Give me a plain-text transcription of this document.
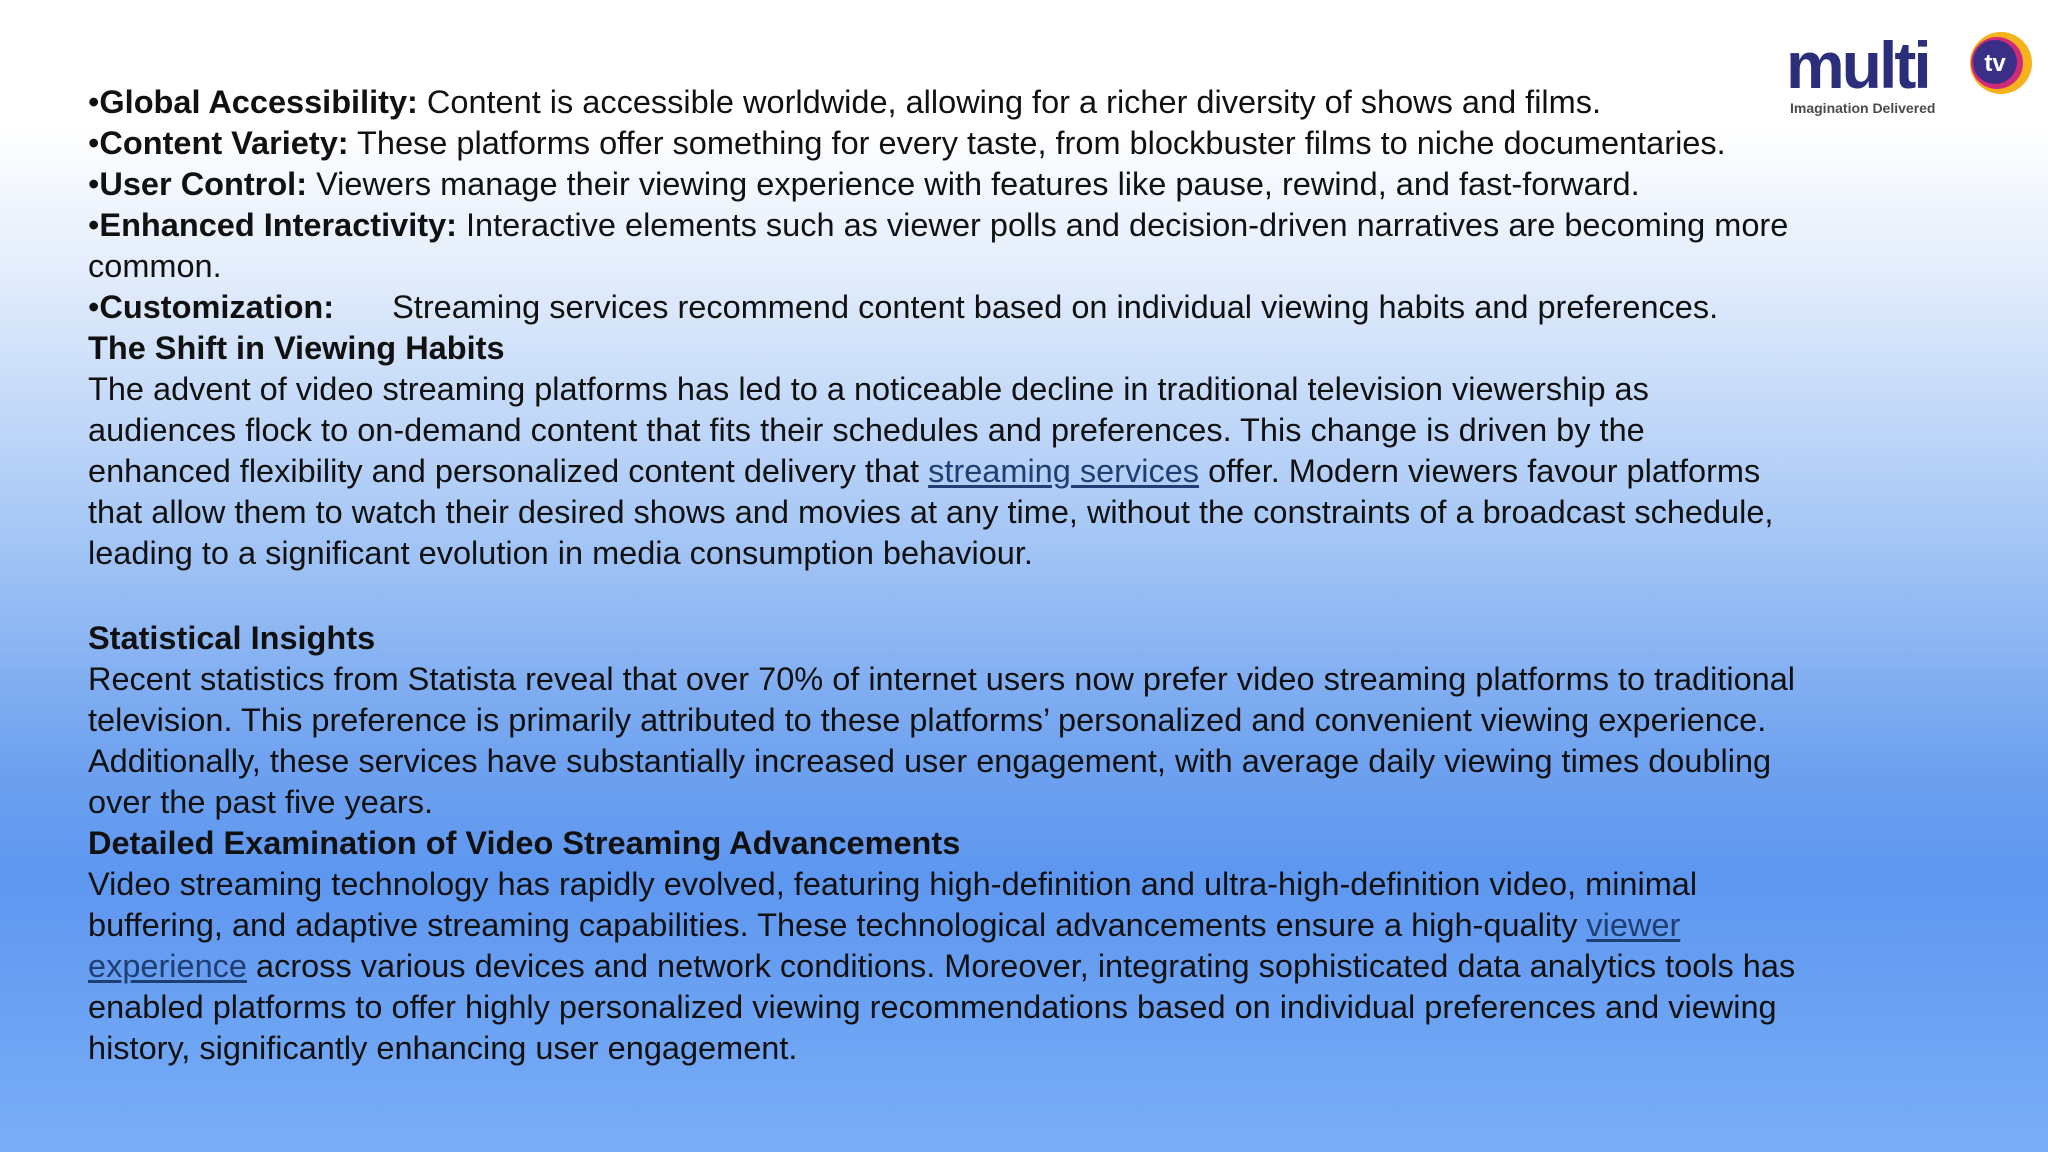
multi tv
Imagination Delivered
•Global Accessibility: Content is accessible worldwide, allowing for a richer diversity of shows and films.
•Content Variety: These platforms offer something for every taste, from blockbuster films to niche documentaries.
•User Control: Viewers manage their viewing experience with features like pause, rewind, and fast-forward.
•Enhanced Interactivity: Interactive elements such as viewer polls and decision-driven narratives are becoming more common.
•Customization: Streaming services recommend content based on individual viewing habits and preferences.
The Shift in Viewing Habits
The advent of video streaming platforms has led to a noticeable decline in traditional television viewership as audiences flock to on-demand content that fits their schedules and preferences. This change is driven by the enhanced flexibility and personalized content delivery that streaming services offer. Modern viewers favour platforms that allow them to watch their desired shows and movies at any time, without the constraints of a broadcast schedule, leading to a significant evolution in media consumption behaviour.
Statistical Insights
Recent statistics from Statista reveal that over 70% of internet users now prefer video streaming platforms to traditional television. This preference is primarily attributed to these platforms’ personalized and convenient viewing experience. Additionally, these services have substantially increased user engagement, with average daily viewing times doubling over the past five years.
Detailed Examination of Video Streaming Advancements
Video streaming technology has rapidly evolved, featuring high-definition and ultra-high-definition video, minimal buffering, and adaptive streaming capabilities. These technological advancements ensure a high-quality viewer experience across various devices and network conditions. Moreover, integrating sophisticated data analytics tools has enabled platforms to offer highly personalized viewing recommendations based on individual preferences and viewing history, significantly enhancing user engagement.
